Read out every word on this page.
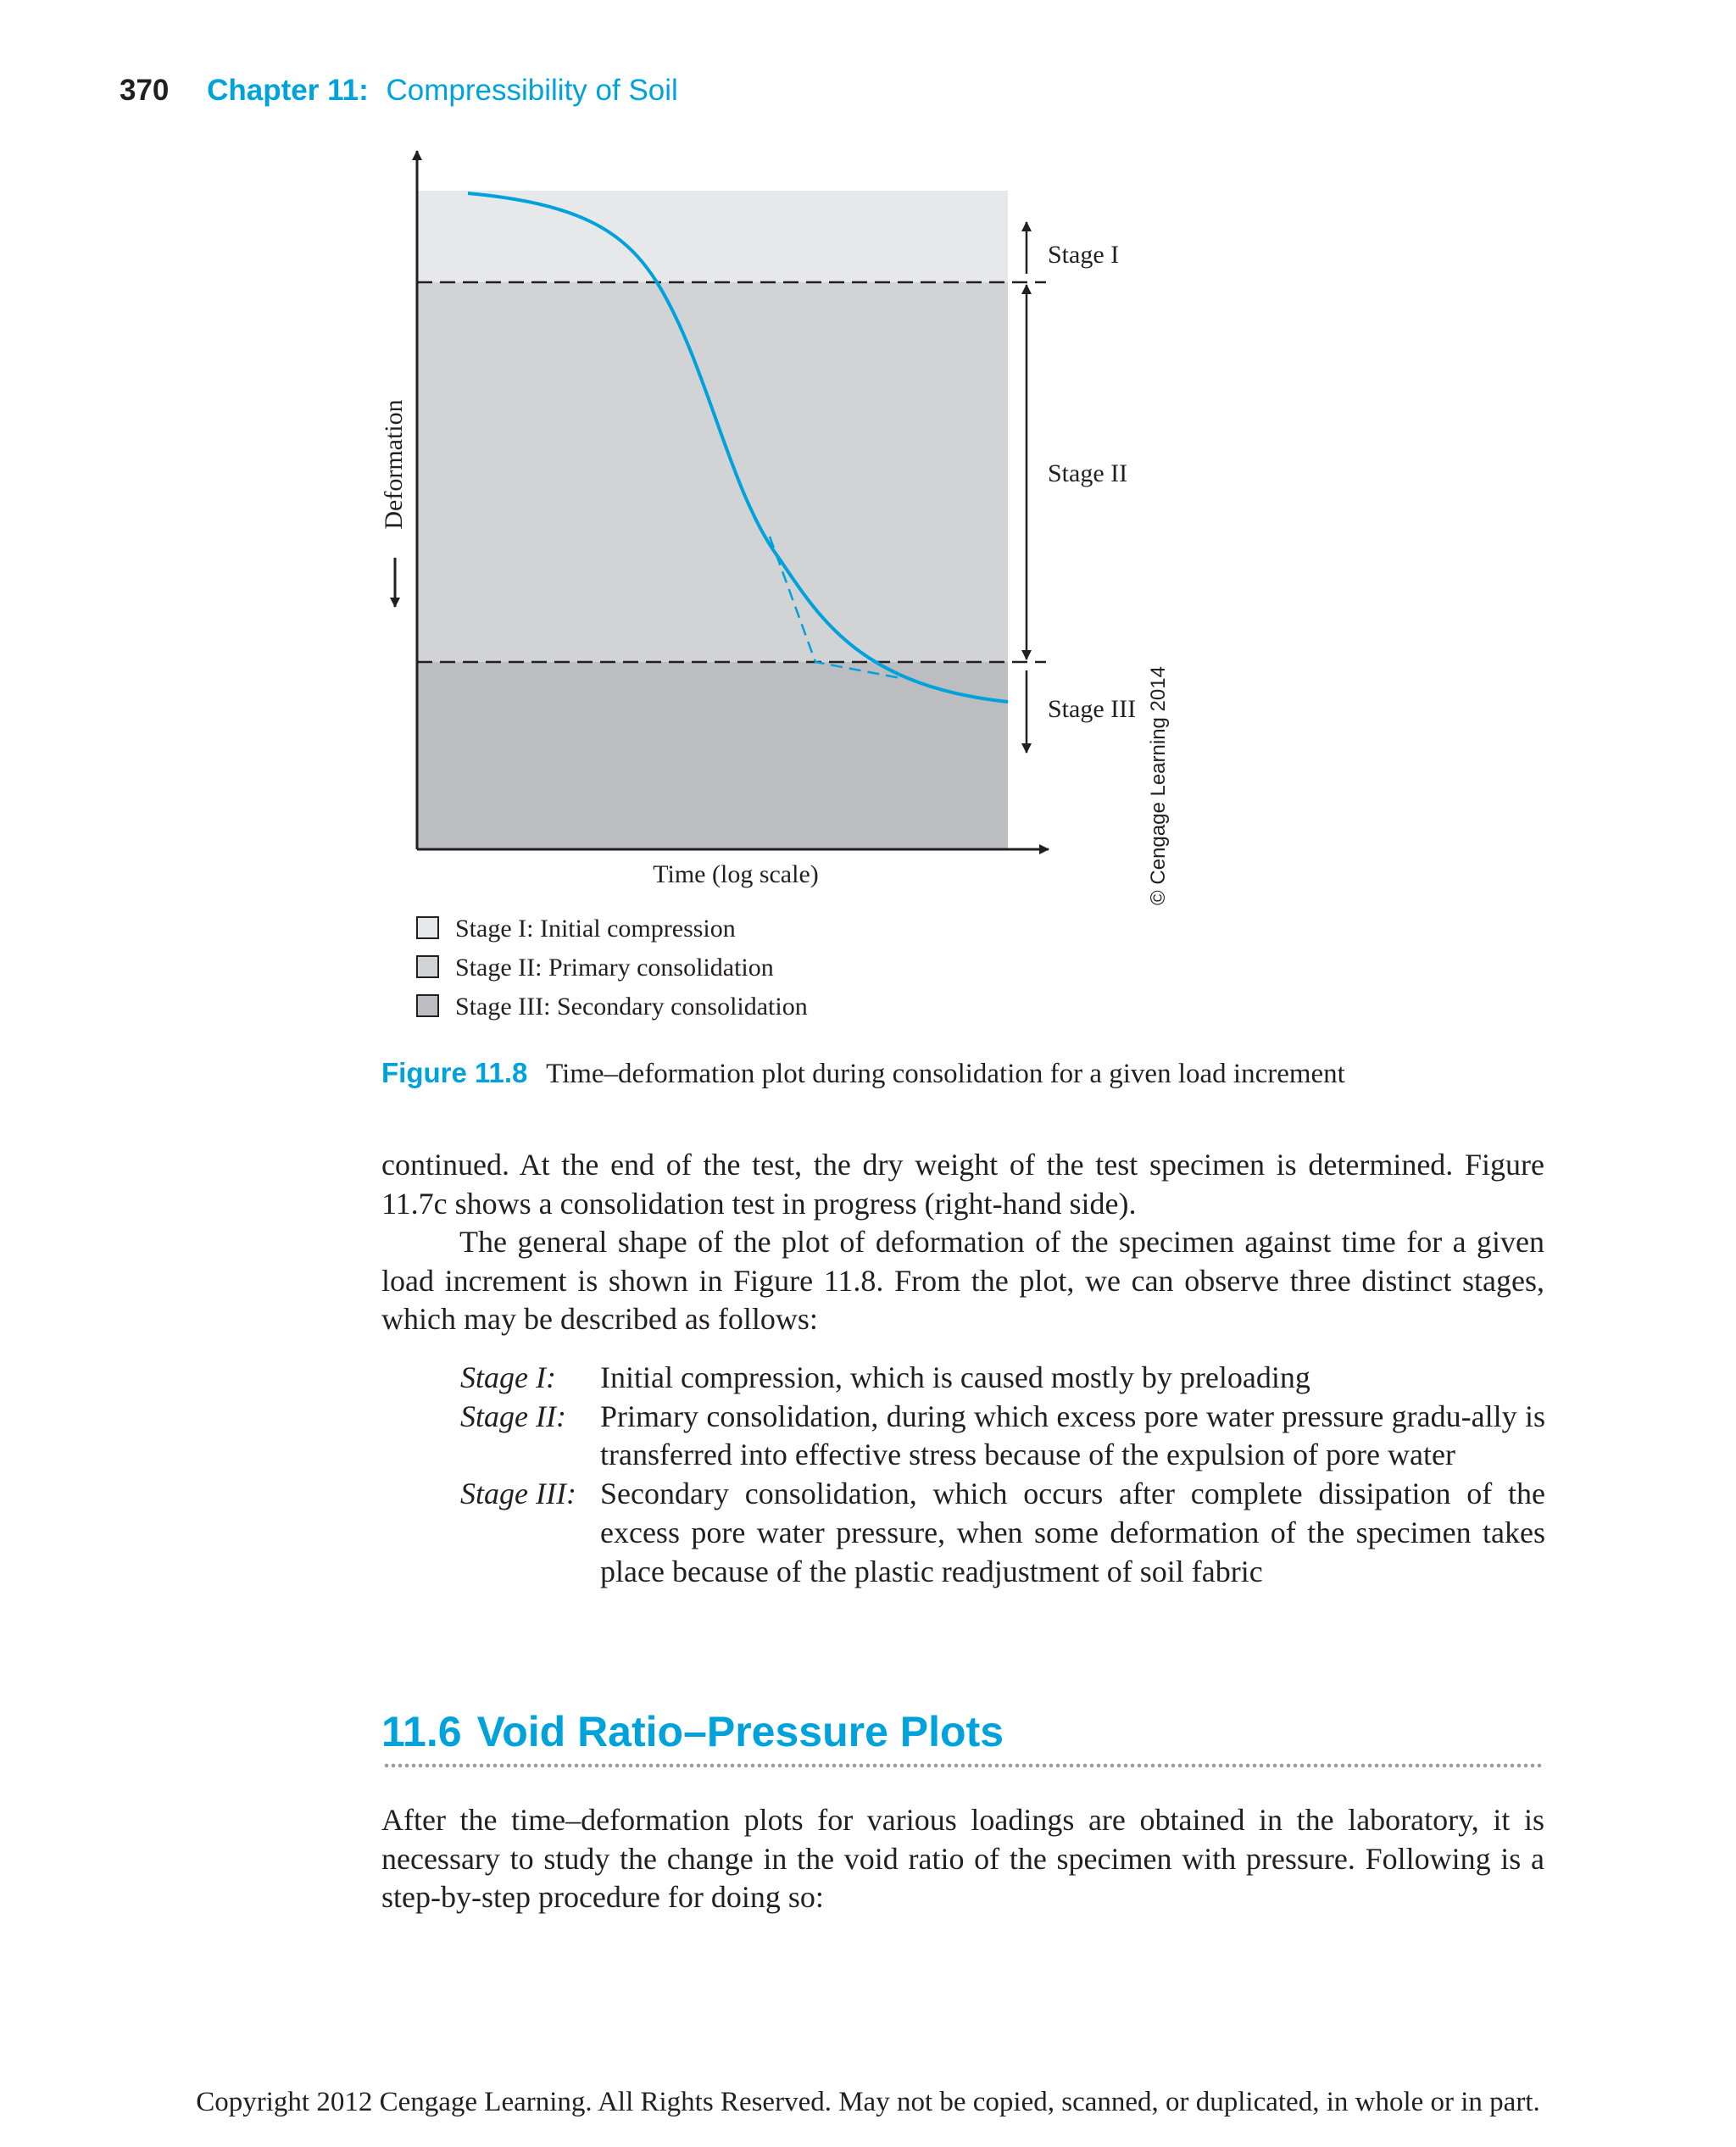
370 Chapter 11: Compressibility of Soil
Stage I
Stage II
Stage III
Time (log scale)
Deformation
© Cengage Learning 2014
Stage I: Initial compression
Stage II: Primary consolidation
Stage III: Secondary consolidation
Figure 11.8 Time–deformation plot during consolidation for a given load increment

continued. At the end of the test, the dry weight of the test specimen is determined. Figure 11.7c shows a consolidation test in progress (right-hand side).

The general shape of the plot of deformation of the specimen against time for a given load increment is shown in Figure 11.8. From the plot, we can observe three distinct stages, which may be described as follows:

Stage I: Initial compression, which is caused mostly by preloading
Stage II: Primary consolidation, during which excess pore water pressure gradu-ally is transferred into effective stress because of the expulsion of pore water
Stage III: Secondary consolidation, which occurs after complete dissipation of the excess pore water pressure, when some deformation of the specimen takes place because of the plastic readjustment of soil fabric
11.6 Void Ratio–Pressure Plots

After the time–deformation plots for various loadings are obtained in the laboratory, it is necessary to study the change in the void ratio of the specimen with pressure. Following is a step-by-step procedure for doing so:

Copyright 2012 Cengage Learning. All Rights Reserved. May not be copied, scanned, or duplicated, in whole or in part.
